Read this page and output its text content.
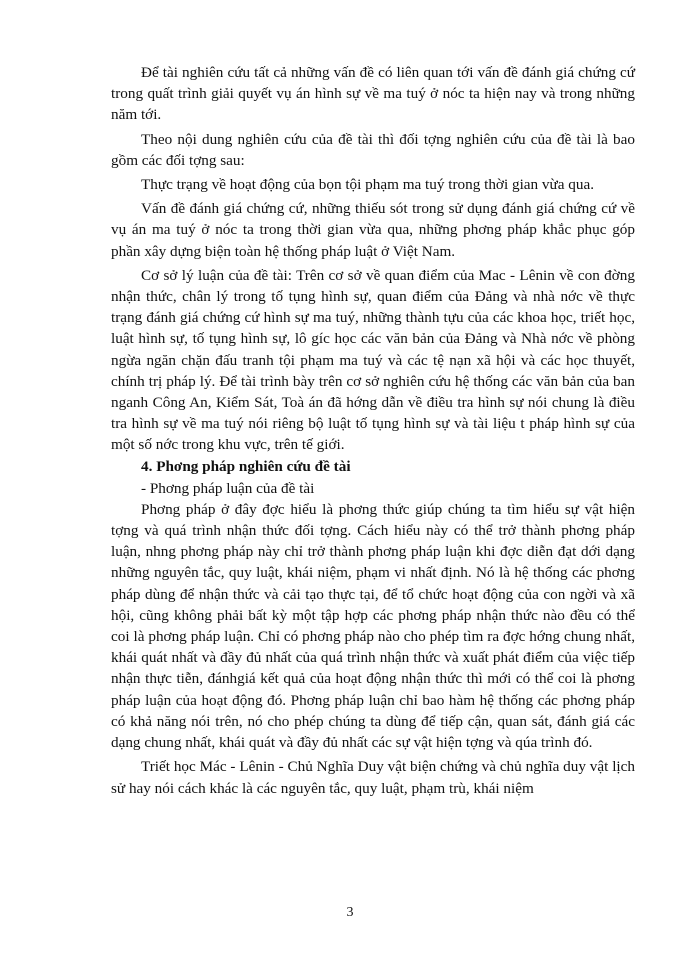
Để tài nghiên cứu tất cả những vấn đề có liên quan tới vấn đề đánh giá chứng cứ trong quất trình giải quyết vụ án hình sự về ma tuý ở nóc ta hiện nay và trong những năm tới.

Theo nội dung nghiên cứu của đề tài thì đối tợng nghiên cứu của đề tài là bao gồm các đối tợng sau:

Thực trạng về hoạt động của bọn tội phạm ma tuý trong thời gian vừa qua.

Vấn đề đánh giá chứng cứ, những thiếu sót trong sử dụng đánh giá chứng cứ về vụ án ma tuý ở nóc ta trong thời gian vừa qua, những phơng pháp khắc phục góp phần xây dựng biện toàn hệ thống pháp luật ở Việt Nam.

Cơ sở lý luận của đề tài: Trên cơ sở về quan điểm của Mac - Lênin về con đờng nhận thức, chân lý trong tố tụng hình sự, quan điểm của Đảng và nhà nớc về thực trạng đánh giá chứng cứ hình sự ma tuý, những thành tựu của các khoa học, triết học, luật hình sự, tố tụng hình sự, lô gíc học các văn bản của Đảng và Nhà nớc về phòng ngừa ngăn chặn đấu tranh tội phạm ma tuý và các tệ nạn xã hội và các học thuyết, chính trị pháp lý. Để tài trình bày trên cơ sở nghiên cứu hệ thống các văn bản của ban nganh Công An, Kiểm Sát, Toà án đã hớng dẫn về điều tra hình sự nói chung là điều tra hình sự về ma tuý nói riêng bộ luật tố tụng hình sự và tài liệu t pháp hình sự của một số nớc trong khu vực, trên tế giới.

4. Phơng pháp nghiên cứu đề tài

- Phơng pháp luận của đề tài

Phơng pháp ở đây đợc hiểu là phơng thức giúp chúng ta tìm hiểu sự vật hiện tợng và quá trình nhận thức đối tợng. Cách hiểu này có thể trở thành phơng pháp luận, nhng phơng pháp này chỉ trở thành phơng pháp luận khi đợc diễn đạt dới dạng những nguyên tắc, quy luật, khái niệm, phạm vi nhất định. Nó là hệ thống các phơng pháp dùng để nhận thức và cải tạo thực tại, để tổ chức hoạt động của con ngời và xã hội, cũng không phải bất kỳ một tập hợp các phơng pháp nhận thức nào đều có thể coi là phơng pháp luận. Chỉ có phơng pháp nào cho phép tìm ra đợc hớng chung nhất, khái quát nhất và đầy đủ nhất của quá trình nhận thức và xuất phát điểm của việc tiếp nhận thực tiễn, đánhgiá kết quả của hoạt động nhận thức thì mới có thể coi là phơng pháp luận của hoạt động đó. Phơng pháp luận chỉ bao hàm hệ thống các phơng pháp có khả năng nói trên, nó cho phép chúng ta dùng để tiếp cận, quan sát, đánh giá các dạng chung nhất, khái quát và đầy đủ nhất các sự vật hiện tợng và qúa trình đó.

Triết học Mác - Lênin - Chủ Nghĩa Duy vật biện chứng và chủ nghĩa duy vật lịch sử hay nói cách khác là các nguyên tắc, quy luật, phạm trù, khái niệm

3
